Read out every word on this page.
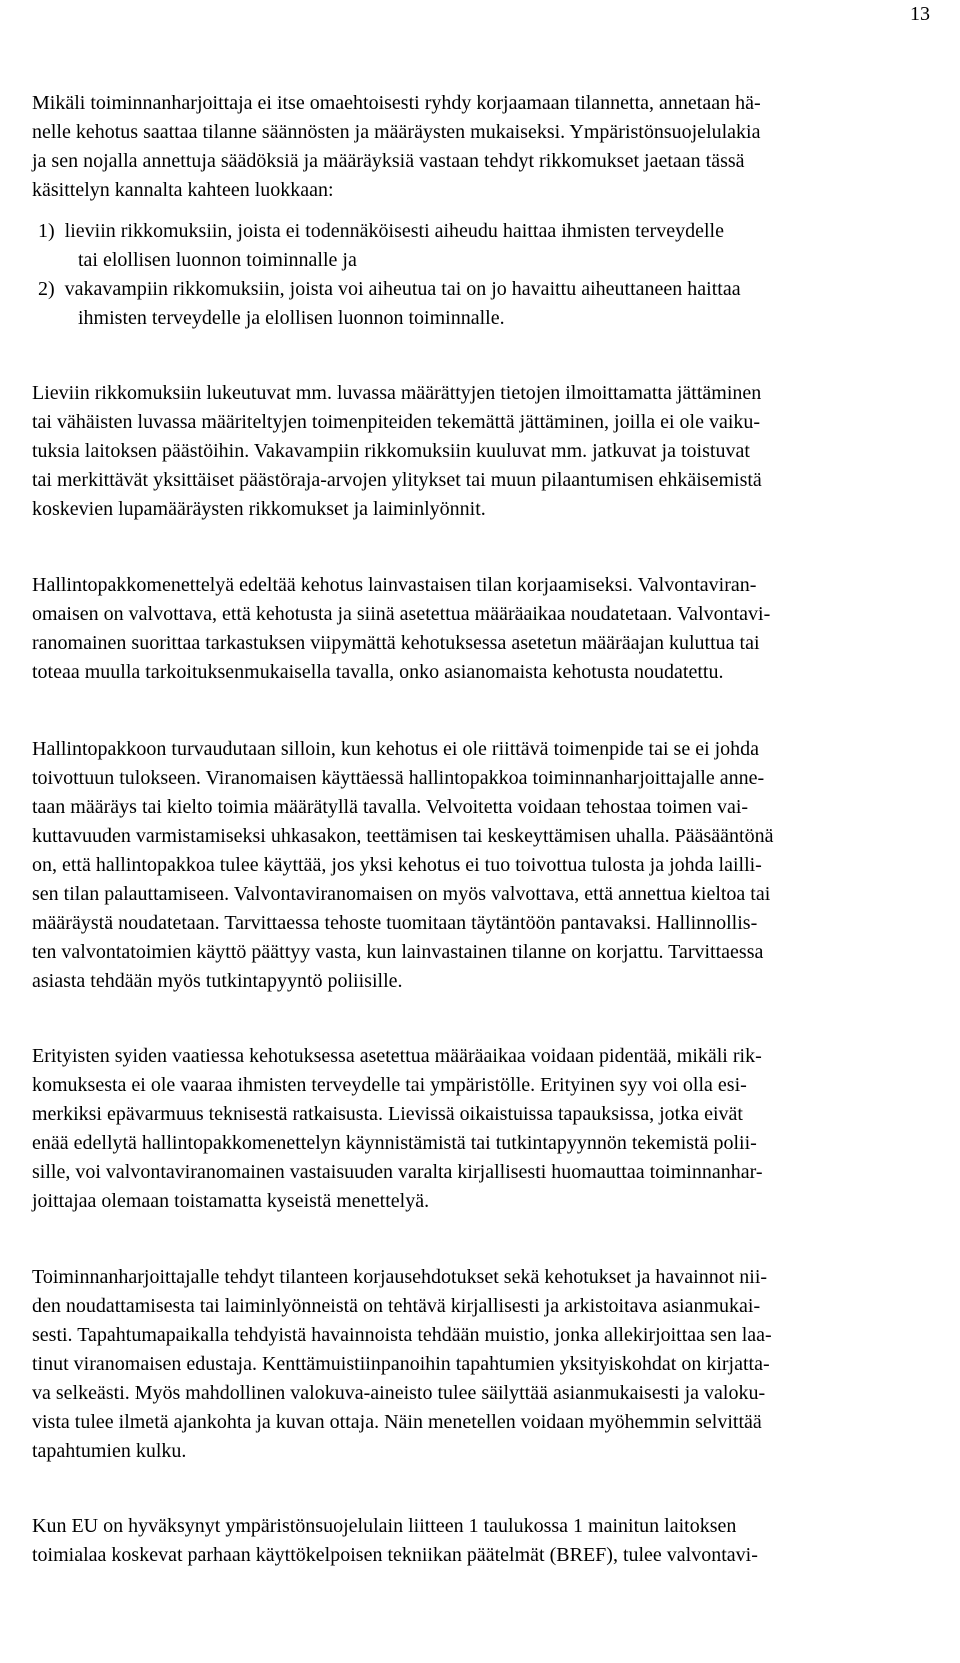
13
Mikäli toiminnanharjoittaja ei itse omaehtoisesti ryhdy korjaamaan tilannetta, annetaan hä-
nelle kehotus saattaa tilanne säännösten ja määräysten mukaiseksi. Ympäristönsuojelulakia
ja sen nojalla annettuja säädöksiä ja määräyksiä vastaan tehdyt rikkomukset jaetaan tässä
käsittelyn kannalta kahteen luokkaan:
1)  lieviin rikkomuksiin, joista ei todennäköisesti aiheudu haittaa ihmisten terveydelle
tai elollisen luonnon toiminnalle ja
2)  vakavampiin rikkomuksiin, joista voi aiheutua tai on jo havaittu aiheuttaneen haittaa
ihmisten terveydelle ja elollisen luonnon toiminnalle.
Lieviin rikkomuksiin lukeutuvat mm. luvassa määrättyjen tietojen ilmoittamatta jättäminen
tai vähäisten luvassa määriteltyjen toimenpiteiden tekemättä jättäminen, joilla ei ole vaiku-
tuksia laitoksen päästöihin. Vakavampiin rikkomuksiin kuuluvat mm. jatkuvat ja toistuvat
tai merkittävät yksittäiset päästöraja-arvojen ylitykset tai muun pilaantumisen ehkäisemistä
koskevien lupamääräysten rikkomukset ja laiminlyönnit.
Hallintopakkomenettelyä edeltää kehotus lainvastaisen tilan korjaamiseksi. Valvontaviran-
omaisen on valvottava, että kehotusta ja siinä asetettua määräaikaa noudatetaan. Valvontavi-
ranomainen suorittaa tarkastuksen viipymättä kehotuksessa asetetun määräajan kuluttua tai
toteaa muulla tarkoituksenmukaisella tavalla, onko asianomaista kehotusta noudatettu.
Hallintopakkoon turvaudutaan silloin, kun kehotus ei ole riittävä toimenpide tai se ei johda
toivottuun tulokseen. Viranomaisen käyttäessä hallintopakkoa toiminnanharjoittajalle anne-
taan määräys tai kielto toimia määrätyllä tavalla. Velvoitetta voidaan tehostaa toimen vai-
kuttavuuden varmistamiseksi uhkasakon, teettämisen tai keskeyttämisen uhalla. Pääsääntönä
on, että hallintopakkoa tulee käyttää, jos yksi kehotus ei tuo toivottua tulosta ja johda lailli-
sen tilan palauttamiseen. Valvontaviranomaisen on myös valvottava, että annettua kieltoa tai
määräystä noudatetaan. Tarvittaessa tehoste tuomitaan täytäntöön pantavaksi. Hallinnollis-
ten valvontatoimien käyttö päättyy vasta, kun lainvastainen tilanne on korjattu. Tarvittaessa
asiasta tehdään myös tutkintapyyntö poliisille.
Erityisten syiden vaatiessa kehotuksessa asetettua määräaikaa voidaan pidentää, mikäli rik-
komuksesta ei ole vaaraa ihmisten terveydelle tai ympäristölle. Erityinen syy voi olla esi-
merkiksi epävarmuus teknisestä ratkaisusta. Lievissä oikaistuissa tapauksissa, jotka eivät
enää edellytä hallintopakkomenettelyn käynnistämistä tai tutkintapyynnön tekemistä polii-
sille, voi valvontaviranomainen vastaisuuden varalta kirjallisesti huomauttaa toiminnanhar-
joittajaa olemaan toistamatta kyseistä menettelyä.
Toiminnanharjoittajalle tehdyt tilanteen korjausehdotukset sekä kehotukset ja havainnot nii-
den noudattamisesta tai laiminlyönneistä on tehtävä kirjallisesti ja arkistoitava asianmukai-
sesti. Tapahtumapaikalla tehdyistä havainnoista tehdään muistio, jonka allekirjoittaa sen laa-
tinut viranomaisen edustaja. Kenttämuistiinpanoihin tapahtumien yksityiskohdat on kirjatta-
va selkeästi. Myös mahdollinen valokuva-aineisto tulee säilyttää asianmukaisesti ja valoku-
vista tulee ilmetä ajankohta ja kuvan ottaja. Näin menetellen voidaan myöhemmin selvittää
tapahtumien kulku.
Kun EU on hyväksynyt ympäristönsuojelulain liitteen 1 taulukossa 1 mainitun laitoksen
toimialaa koskevat parhaan käyttökelpoisen tekniikan päätelmät (BREF), tulee valvontavi-
